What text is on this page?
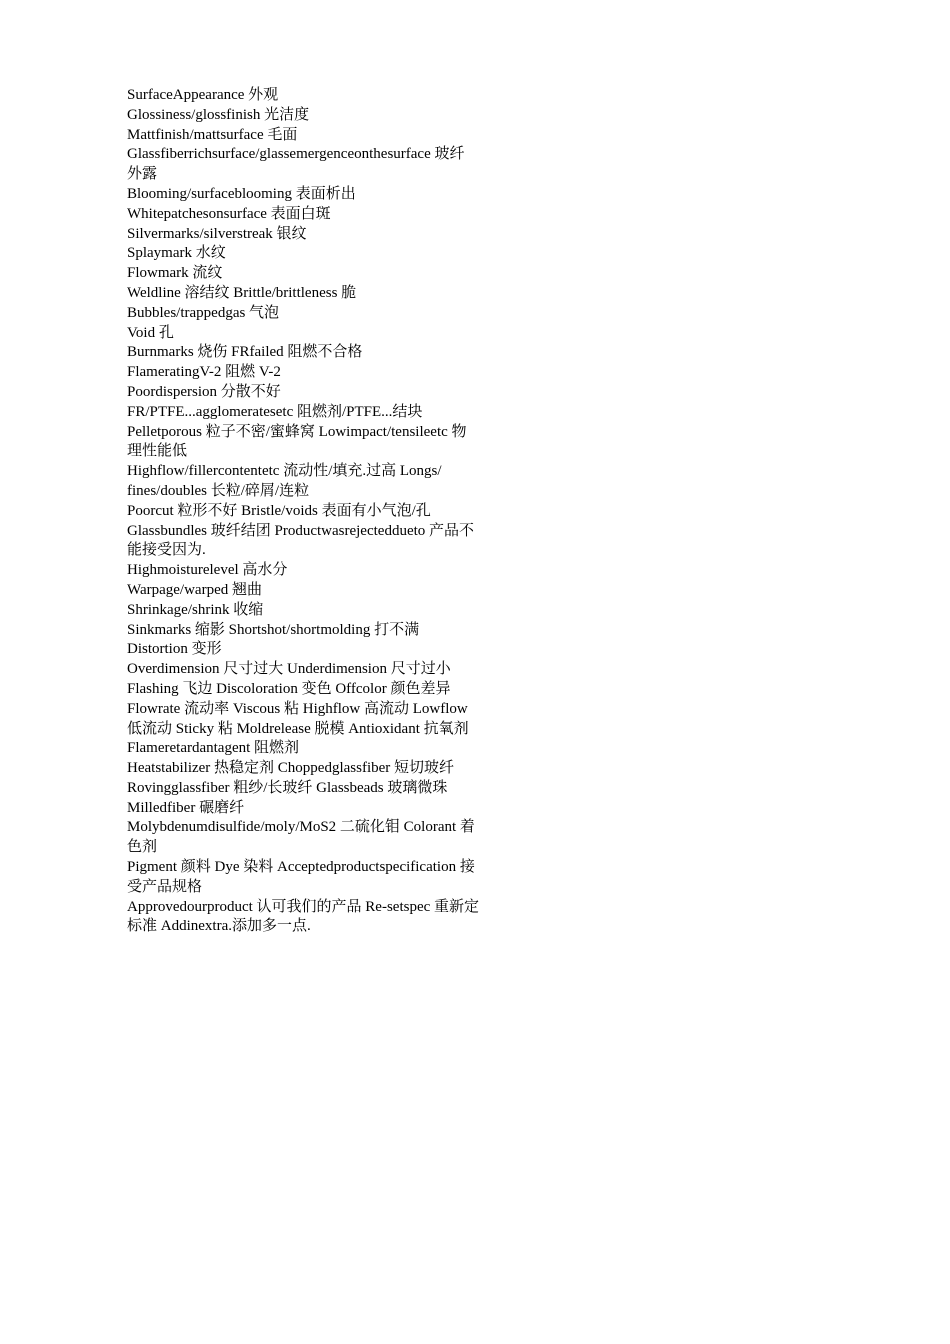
SurfaceAppearance 外观
Glossiness/glossfinish 光洁度
Mattfinish/mattsurface 毛面
Glassfiberrichsurface/glassemergenceonthesurface 玻纤
外露
Blooming/surfaceblooming 表面析出
Whitepatchesonsurface 表面白斑
Silvermarks/silverstreak 银纹
Splaymark 水纹
Flowmark 流纹
Weldline 溶结纹 Brittle/brittleness 脆
Bubbles/trappedgas 气泡
Void 孔
Burnmarks 烧伤 FRfailed 阻燃不合格
FlameratingV-2 阻燃 V-2
Poordispersion 分散不好
FR/PTFE...agglomeratesetc 阻燃剂/PTFE...结块
Pelletporous 粒子不密/蜜蜂窝 Lowimpact/tensileetc 物
理性能低
Highflow/fillercontentetc 流动性/填充.过高 Longs/
fines/doubles 长粒/碎屑/连粒
Poorcut 粒形不好 Bristle/voids 表面有小气泡/孔
Glassbundles 玻纤结团 Productwasrejecteddueto 产品不
能接受因为.
Highmoisturelevel 高水分
Warpage/warped 翘曲
Shrinkage/shrink 收缩
Sinkmarks 缩影 Shortshot/shortmolding 打不满
Distortion 变形
Overdimension 尺寸过大 Underdimension 尺寸过小
Flashing 飞边 Discoloration 变色 Offcolor 颜色差异
Flowrate 流动率 Viscous 粘 Highflow 高流动 Lowflow
低流动 Sticky 粘 Moldrelease 脱模 Antioxidant 抗氧剂
Flameretardantagent 阻燃剂
Heatstabilizer 热稳定剂 Choppedglassfiber 短切玻纤
Rovingglassfiber 粗纱/长玻纤 Glassbeads 玻璃微珠
Milledfiber 碾磨纤
Molybdenumdisulfide/moly/MoS2 二硫化钼 Colorant 着
色剂
Pigment 颜料 Dye 染料 Acceptedproductspecification 接
受产品规格
Approvedourproduct 认可我们的产品 Re-setspec 重新定
标准 Addinextra.添加多一点.
